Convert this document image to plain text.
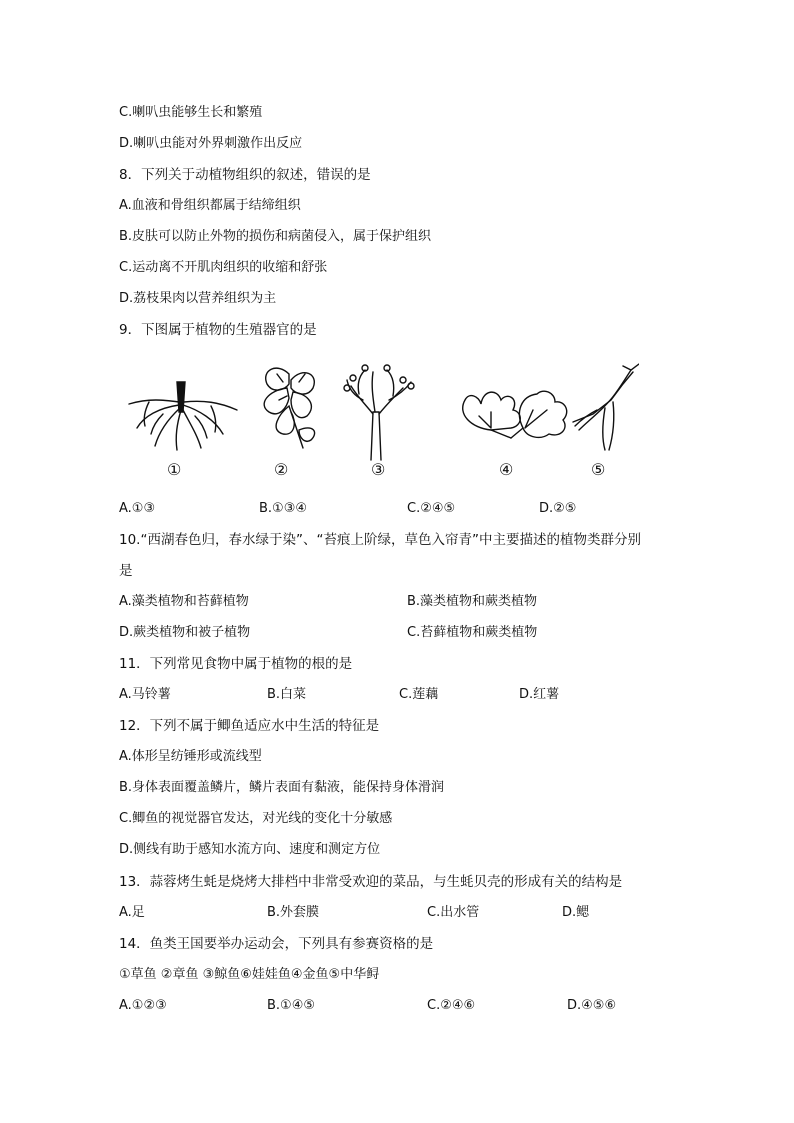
C.喇叭虫能够生长和繁殖
D.喇叭虫能对外界刺激作出反应
8．下列关于动植物组织的叙述，错误的是
A.血液和骨组织都属于结缔组织
B.皮肤可以防止外物的损伤和病菌侵入，属于保护组织
C.运动离不开肌肉组织的收缩和舒张
D.荔枝果肉以营养组织为主
9．下图属于植物的生殖器官的是
①	②	③	④	⑤
A.①③	B.①③④	C.②④⑤	D.②⑤
10.“西湖春色归，春水绿于染”、“苔痕上阶绿，草色入帘青”中主要描述的植物类群分别
是
A.藻类植物和苔藓植物	B.藻类植物和蕨类植物
D.蕨类植物和被子植物	C.苔藓植物和蕨类植物
11．下列常见食物中属于植物的根的是
A.马铃薯	B.白菜	C.莲藕	D.红薯
12．下列不属于鲫鱼适应水中生活的特征是
A.体形呈纺锤形或流线型
B.身体表面覆盖鳞片，鳞片表面有黏液，能保持身体滑润
C.鲫鱼的视觉器官发达，对光线的变化十分敏感
D.侧线有助于感知水流方向、速度和测定方位
13．蒜蓉烤生蚝是烧烤大排档中非常受欢迎的菜品，与生蚝贝壳的形成有关的结构是
A.足	B.外套膜	C.出水管	D.鳃
14．鱼类王国要举办运动会，下列具有参赛资格的是
①草鱼 ②章鱼 ③鲸鱼⑥娃娃鱼④金鱼⑤中华鲟
A.①②③	B.①④⑤	C.②④⑥	D.④⑤⑥
